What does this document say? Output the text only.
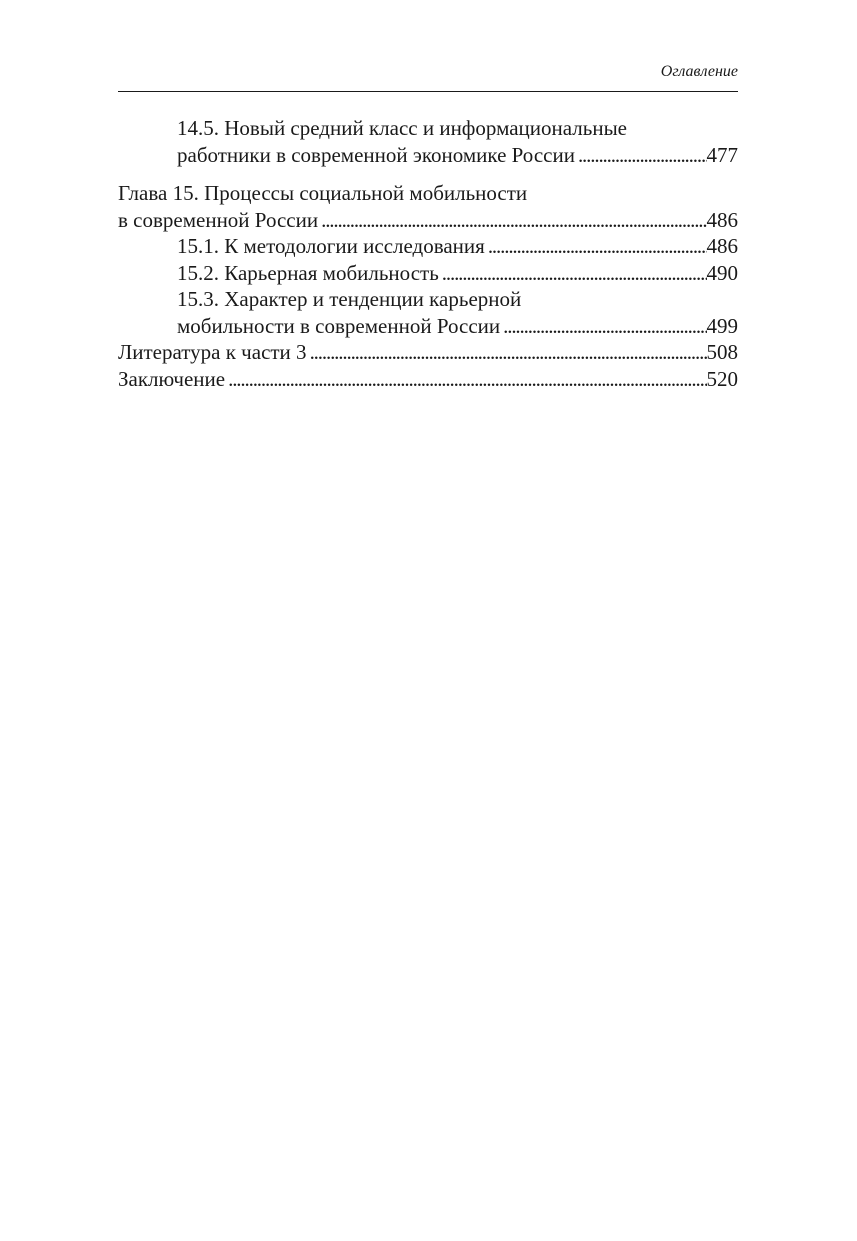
Оглавление
14.5. Новый средний класс и информациональные
работники в современной экономике России . . .	477
Глава 15. Процессы социальной мобильности
в современной России . . .	486
15.1. К методологии исследования . . .	486
15.2. Карьерная мобильность . . .	490
15.3. Характер и тенденции карьерной
мобильности в современной России . . .	499
Литература к части 3 . . .	508
Заключение . . .	520
